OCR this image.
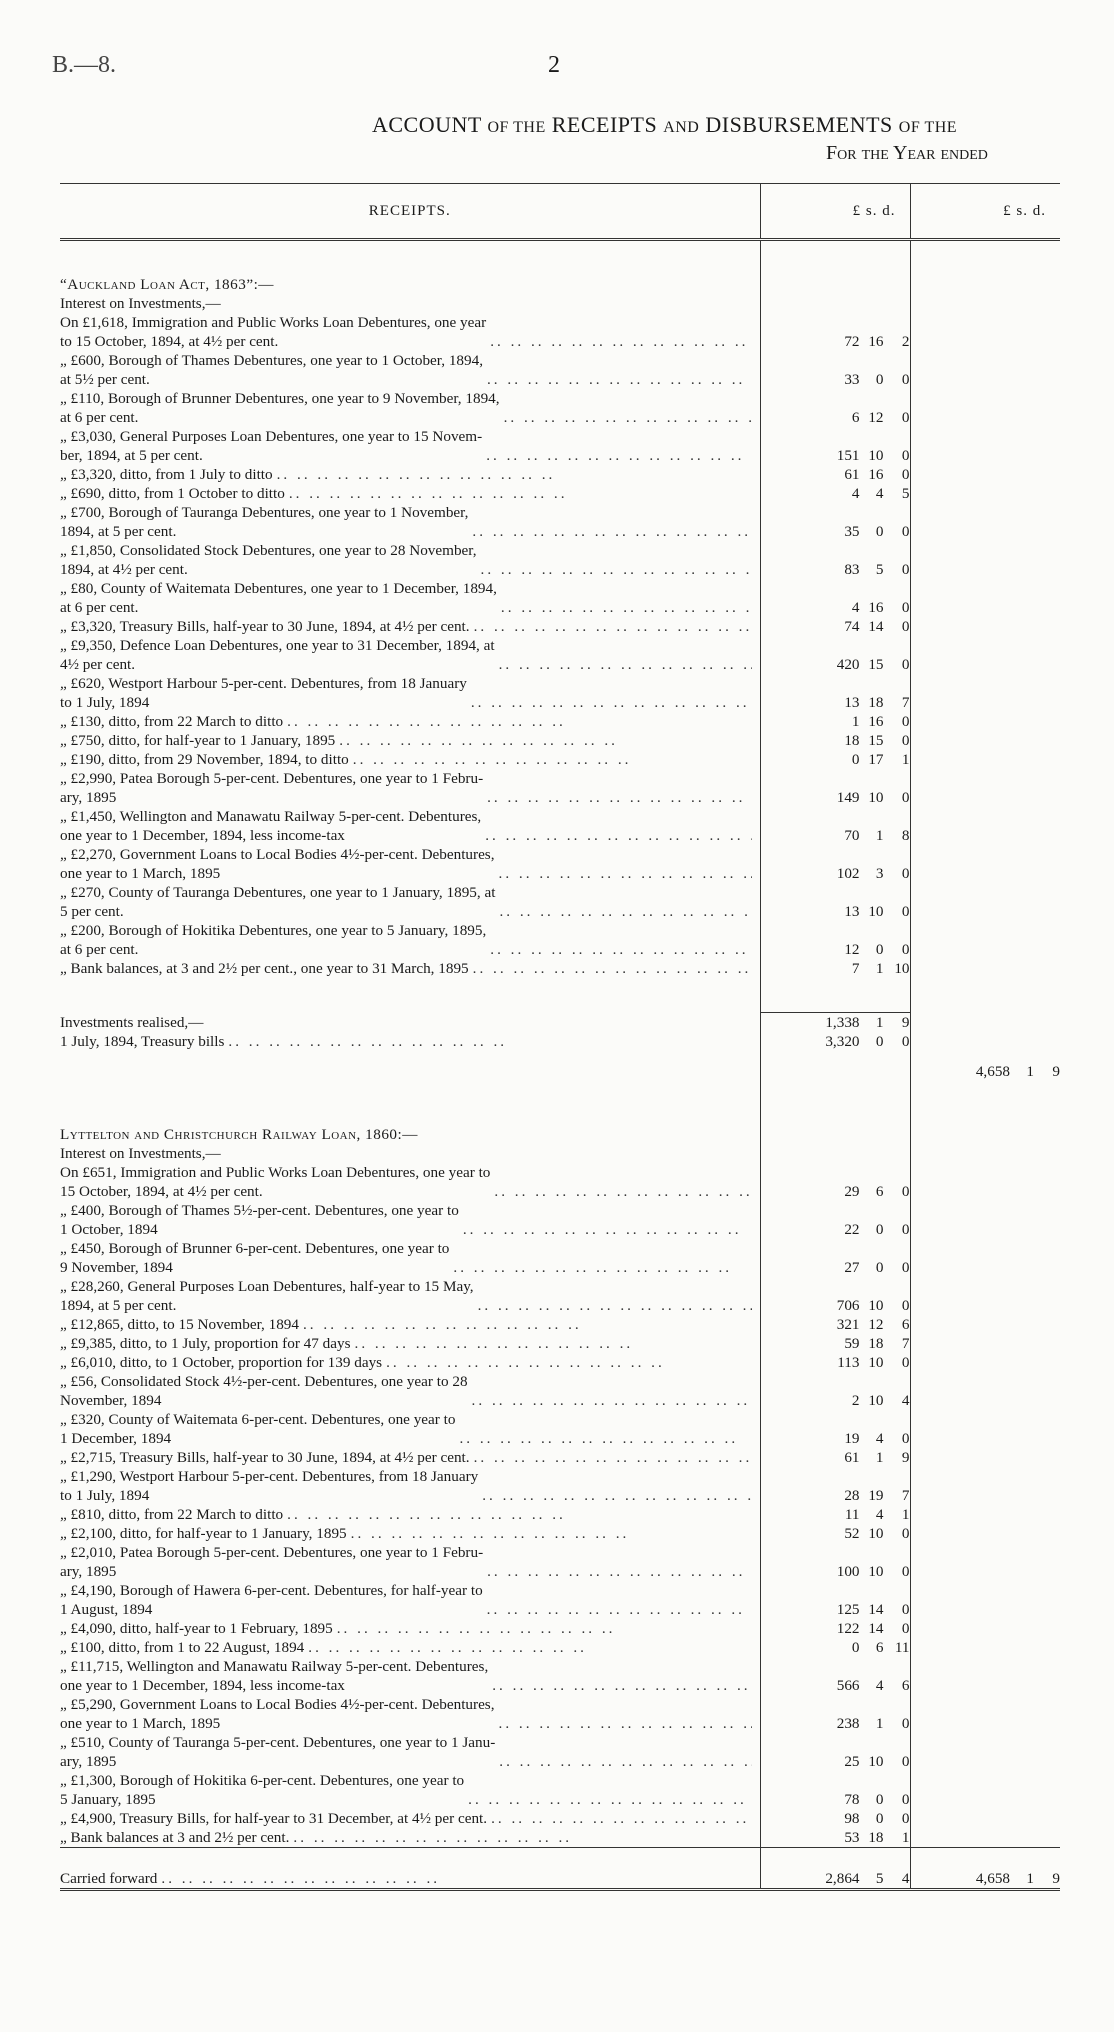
B.—8.	2
ACCOUNT OF THE RECEIPTS AND DISBURSEMENTS OF THE
For the Year ended
RECEIPTS.	£ s. d.	£ s. d.

“Auckland Loan Act, 1863”:—		
Interest on Investments,—		

On £1,618, Immigration and Public Works Loan Debentures, one year
to 15 October, 1894, at 4½ per cent.
.. .	72 16 2	

„ £600, Borough of Thames Debentures, one year to 1 October, 1894,
at 5½ per cent.
.. .	33 0 0	

„ £110, Borough of Brunner Debentures, one year to 9 November, 1894,
at 6 per cent.
.. .	6 12 0	

„ £3,030, General Purposes Loan Debentures, one year to 15 Novem-
ber, 1894, at 5 per cent.
.. .	151 10 0	

„ £3,320, ditto, from 1 July to ditto
.. .	61 16 0	

„ £690, ditto, from 1 October to ditto
.. .	4 4 5	

„ £700, Borough of Tauranga Debentures, one year to 1 November,
1894, at 5 per cent.
.. .	35 0 0	

„ £1,850, Consolidated Stock Debentures, one year to 28 November,
1894, at 4½ per cent.
.. .	83 5 0	

„ £80, County of Waitemata Debentures, one year to 1 December, 1894,
at 6 per cent.
.. .	4 16 0	

„ £3,320, Treasury Bills, half-year to 30 June, 1894, at 4½ per cent.
.. .	74 14 0	

„ £9,350, Defence Loan Debentures, one year to 31 December, 1894, at
4½ per cent.
.. .	420 15 0	

„ £620, Westport Harbour 5-per-cent. Debentures, from 18 January
to 1 July, 1894
.. .	13 18 7	

„ £130, ditto, from 22 March to ditto
.. .	1 16 0	

„ £750, ditto, for half-year to 1 January, 1895
.. .	18 15 0	

„ £190, ditto, from 29 November, 1894, to ditto
.. .	0 17 1	

„ £2,990, Patea Borough 5-per-cent. Debentures, one year to 1 Febru-
ary, 1895
.. .	149 10 0	

„ £1,450, Wellington and Manawatu Railway 5-per-cent. Debentures,
one year to 1 December, 1894, less income-tax
.. .	70 1 8	

„ £2,270, Government Loans to Local Bodies 4½-per-cent. Debentures,
one year to 1 March, 1895
.. .	102 3 0	

„ £270, County of Tauranga Debentures, one year to 1 January, 1895, at
5 per cent.
.. .	13 10 0	

„ £200, Borough of Hokitika Debentures, one year to 5 January, 1895,
at 6 per cent.
.. .	12 0 0	

„ Bank balances, at 3 and 2½ per cent., one year to 31 March, 1895
.. .	7 1 10	

Investments realised,—	1,338 1 9	

1 July, 1894, Treasury bills
.. .	3,320 0 0	
		4,658 1 9

Lyttelton and Christchurch Railway Loan, 1860:—		
Interest on Investments,—		

On £651, Immigration and Public Works Loan Debentures, one year to
15 October, 1894, at 4½ per cent.
.. .	29 6 0	

„ £400, Borough of Thames 5½-per-cent. Debentures, one year to
1 October, 1894
.. .	22 0 0	

„ £450, Borough of Brunner 6-per-cent. Debentures, one year to
9 November, 1894
.. .	27 0 0	

„ £28,260, General Purposes Loan Debentures, half-year to 15 May,
1894, at 5 per cent.
.. .	706 10 0	

„ £12,865, ditto, to 15 November, 1894
.. .	321 12 6	

„ £9,385, ditto, to 1 July, proportion for 47 days
.. .	59 18 7	

„ £6,010, ditto, to 1 October, proportion for 139 days
.. .	113 10 0	

„ £56, Consolidated Stock 4½-per-cent. Debentures, one year to 28
November, 1894
.. .	2 10 4	

„ £320, County of Waitemata 6-per-cent. Debentures, one year to
1 December, 1894
.. .	19 4 0	

„ £2,715, Treasury Bills, half-year to 30 June, 1894, at 4½ per cent.
.. .	61 1 9	

„ £1,290, Westport Harbour 5-per-cent. Debentures, from 18 January
to 1 July, 1894
.. .	28 19 7	

„ £810, ditto, from 22 March to ditto
.. .	11 4 1	

„ £2,100, ditto, for half-year to 1 January, 1895
.. .	52 10 0	

„ £2,010, Patea Borough 5-per-cent. Debentures, one year to 1 Febru-
ary, 1895
.. .	100 10 0	

„ £4,190, Borough of Hawera 6-per-cent. Debentures, for half-year to
1 August, 1894
.. .	125 14 0	

„ £4,090, ditto, half-year to 1 February, 1895
.. .	122 14 0	

„ £100, ditto, from 1 to 22 August, 1894
.. .	0 6 11	

„ £11,715, Wellington and Manawatu Railway 5-per-cent. Debentures,
one year to 1 December, 1894, less income-tax
.. .	566 4 6	

„ £5,290, Government Loans to Local Bodies 4½-per-cent. Debentures,
one year to 1 March, 1895
.. .	238 1 0	

„ £510, County of Tauranga 5-per-cent. Debentures, one year to 1 Janu-
ary, 1895
.. .	25 10 0	

„ £1,300, Borough of Hokitika 6-per-cent. Debentures, one year to
5 January, 1895
.. .	78 0 0	

„ £4,900, Treasury Bills, for half-year to 31 December, at 4½ per cent.
.. .	98 0 0	

„ Bank balances at 3 and 2½ per cent.
.. .	53 18 1	

Carried forward
.. .	2,864 5 4	4,658 1 9
